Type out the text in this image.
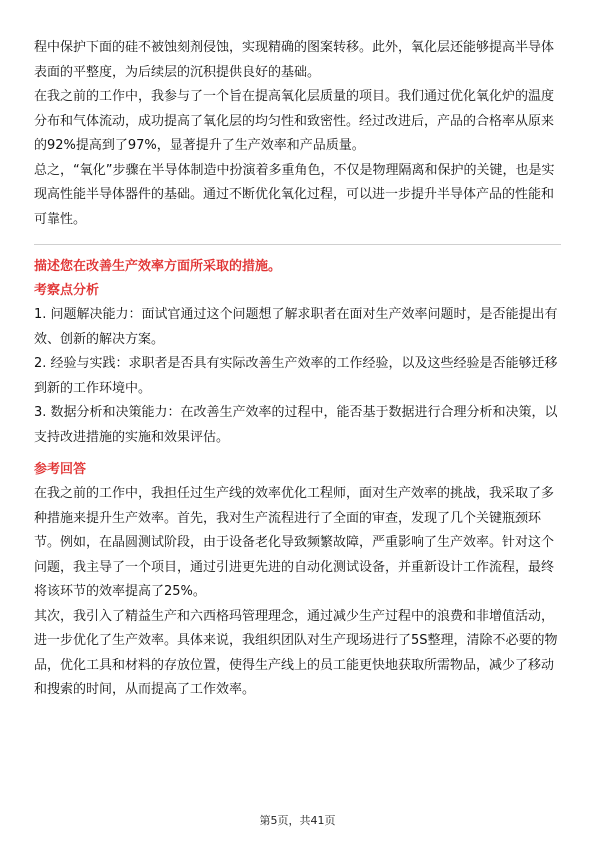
程中保护下面的硅不被蚀刻剂侵蚀，实现精确的图案转移。此外，氧化层还能够提高半导体表面的平整度，为后续层的沉积提供良好的基础。

在我之前的工作中，我参与了一个旨在提高氧化层质量的项目。我们通过优化氧化炉的温度分布和气体流动，成功提高了氧化层的均匀性和致密性。经过改进后，产品的合格率从原来的92%提高到了97%，显著提升了生产效率和产品质量。

总之，“氧化”步骤在半导体制造中扮演着多重角色，不仅是物理隔离和保护的关键，也是实现高性能半导体器件的基础。通过不断优化氧化过程，可以进一步提升半导体产品的性能和可靠性。

描述您在改善生产效率方面所采取的措施。

考察点分析

1. 问题解决能力：面试官通过这个问题想了解求职者在面对生产效率问题时，是否能提出有效、创新的解决方案。

2. 经验与实践：求职者是否具有实际改善生产效率的工作经验，以及这些经验是否能够迁移到新的工作环境中。

3. 数据分析和决策能力：在改善生产效率的过程中，能否基于数据进行合理分析和决策，以支持改进措施的实施和效果评估。

参考回答

在我之前的工作中，我担任过生产线的效率优化工程师，面对生产效率的挑战，我采取了多种措施来提升生产效率。首先，我对生产流程进行了全面的审查，发现了几个关键瓶颈环节。例如，在晶圆测试阶段，由于设备老化导致频繁故障，严重影响了生产效率。针对这个问题，我主导了一个项目，通过引进更先进的自动化测试设备，并重新设计工作流程，最终将该环节的效率提高了25%。

其次，我引入了精益生产和六西格玛管理理念，通过减少生产过程中的浪费和非增值活动，进一步优化了生产效率。具体来说，我组织团队对生产现场进行了5S整理，清除不必要的物品，优化工具和材料的存放位置，使得生产线上的员工能更快地获取所需物品，减少了移动和搜索的时间，从而提高了工作效率。

第5页，共41页
